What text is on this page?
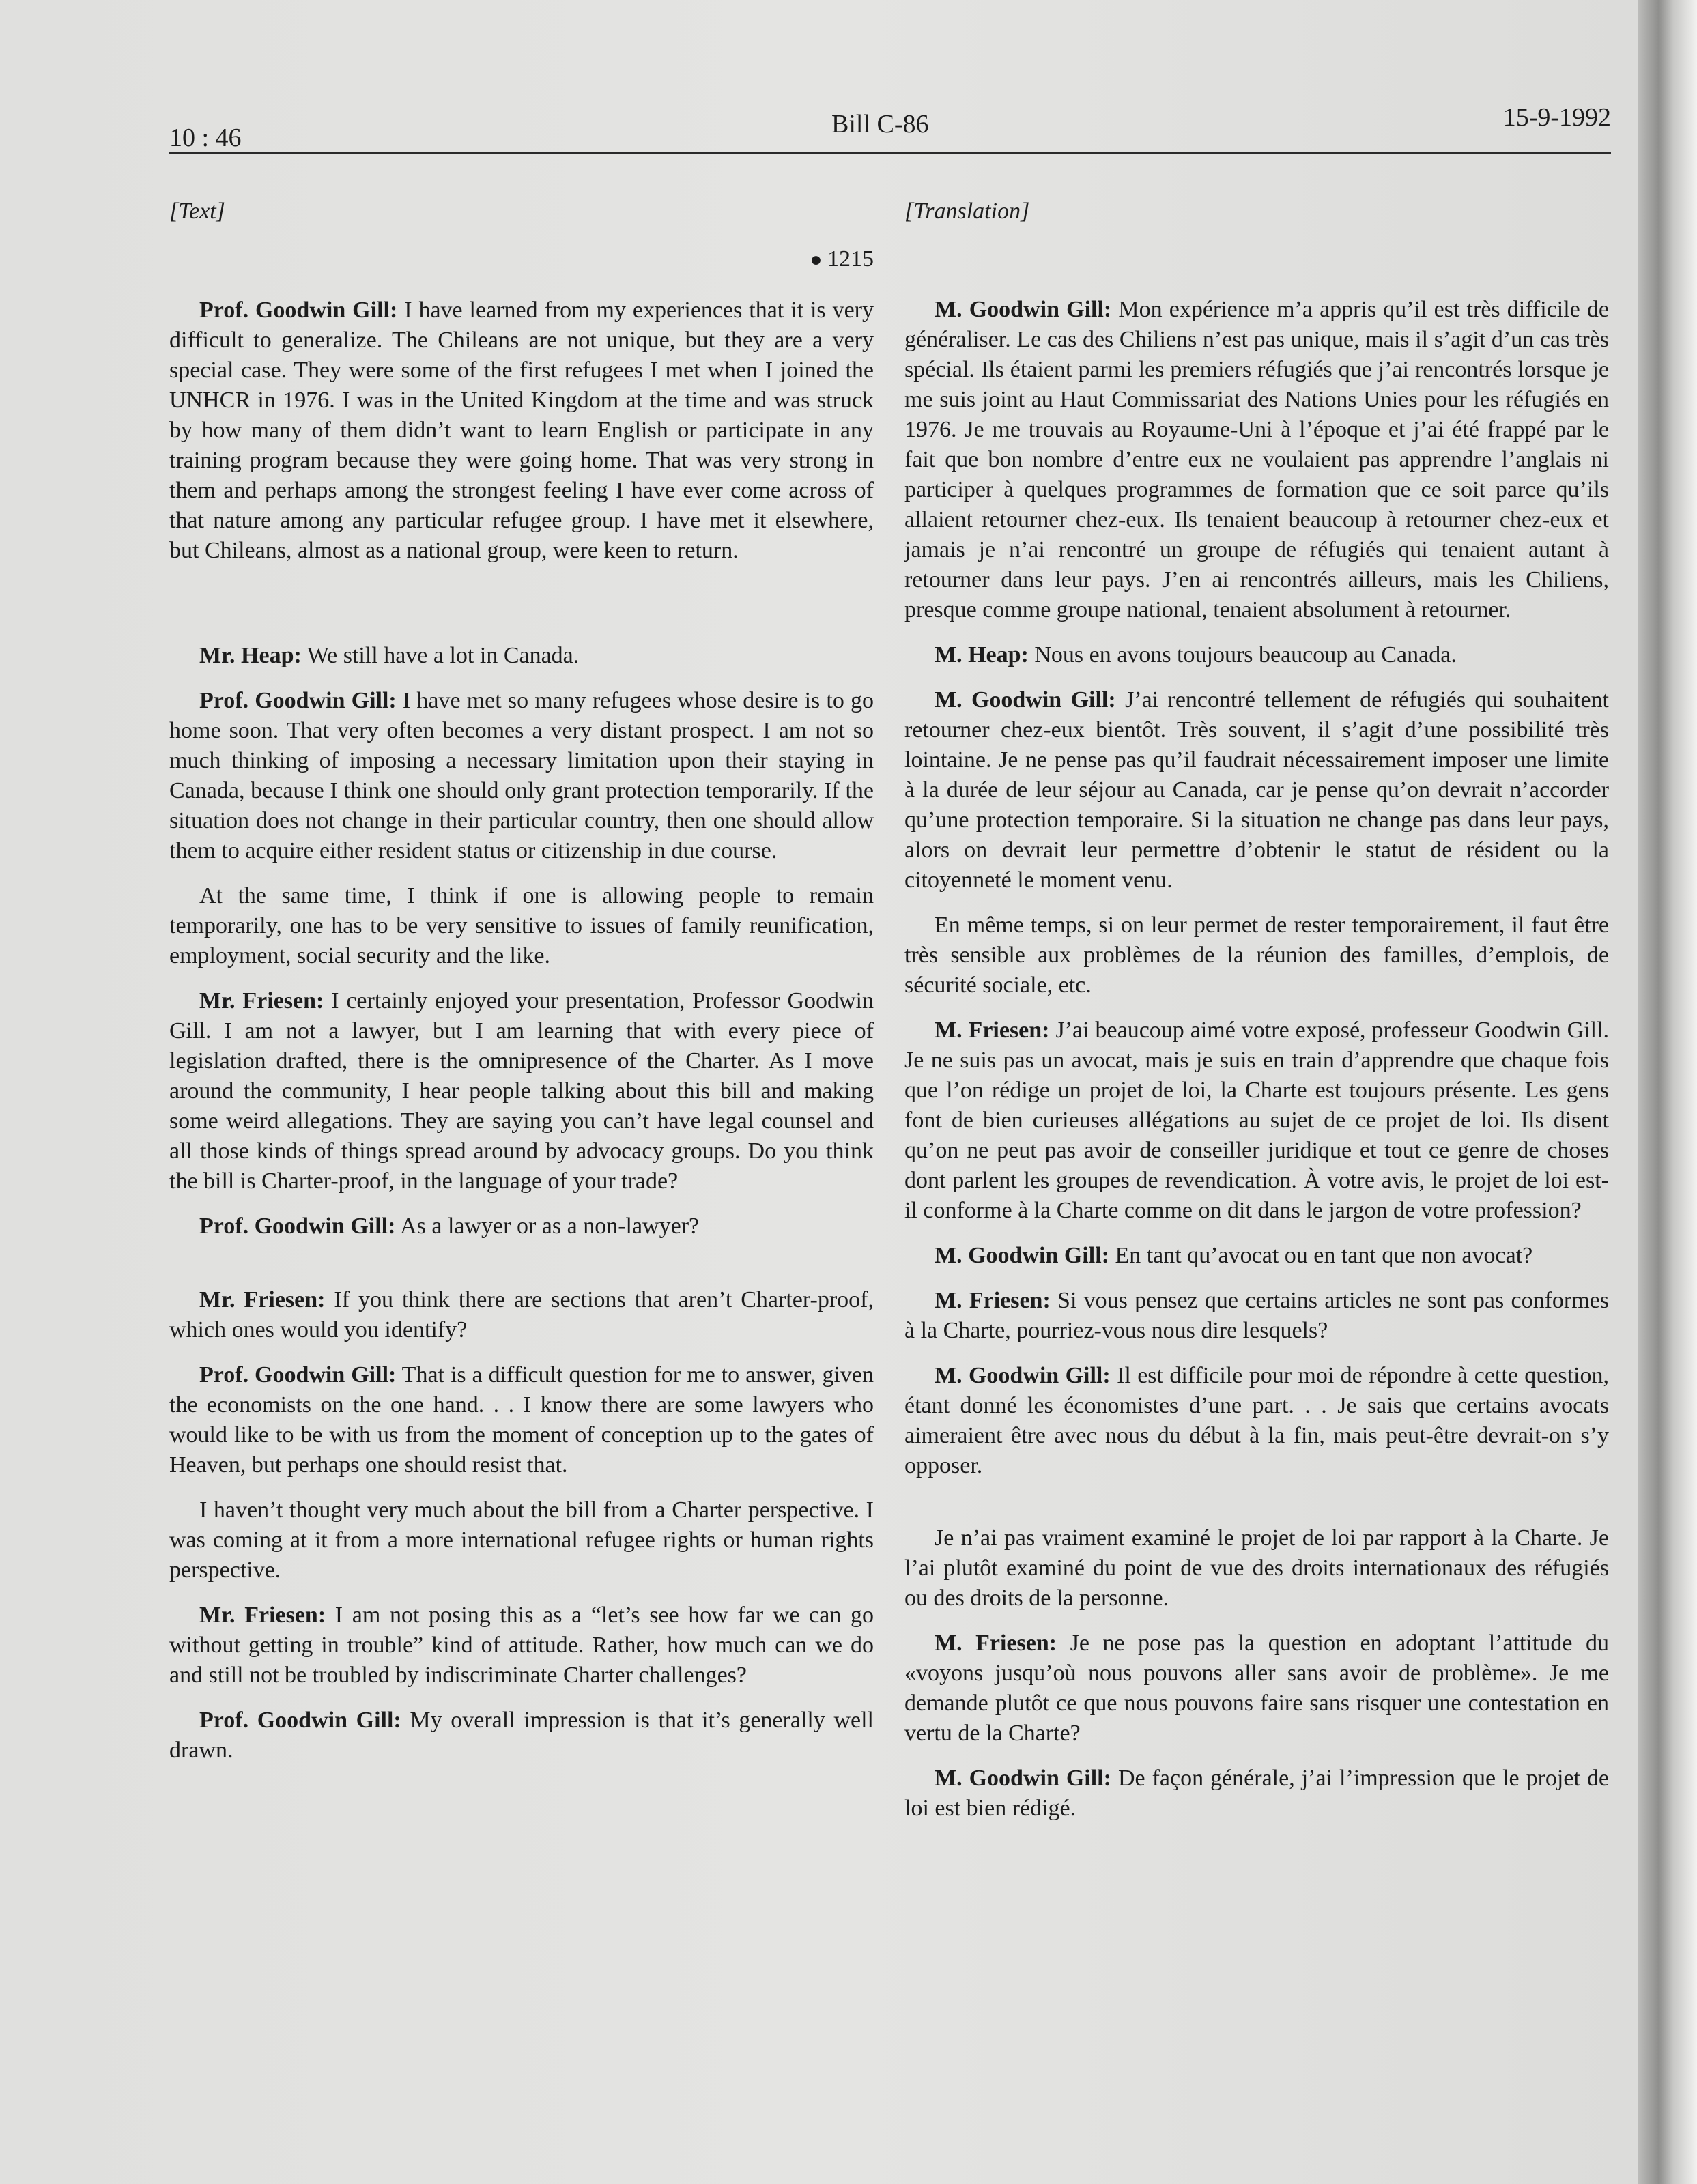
10 : 46	Bill C-86	15-9-1992
[Text]
● 1215

Prof. Goodwin Gill: I have learned from my experiences that it is very difficult to generalize. The Chileans are not unique, but they are a very special case. They were some of the first refugees I met when I joined the UNHCR in 1976. I was in the United Kingdom at the time and was struck by how many of them didn’t want to learn English or participate in any training program because they were going home. That was very strong in them and perhaps among the strongest feeling I have ever come across of that nature among any particular refugee group. I have met it elsewhere, but Chileans, almost as a national group, were keen to return.

Mr. Heap: We still have a lot in Canada.

Prof. Goodwin Gill: I have met so many refugees whose desire is to go home soon. That very often becomes a very distant prospect. I am not so much thinking of imposing a necessary limitation upon their staying in Canada, because I think one should only grant protection temporarily. If the situation does not change in their particular country, then one should allow them to acquire either resident status or citizenship in due course.

At the same time, I think if one is allowing people to remain temporarily, one has to be very sensitive to issues of family reunification, employment, social security and the like.

Mr. Friesen: I certainly enjoyed your presentation, Professor Goodwin Gill. I am not a lawyer, but I am learning that with every piece of legislation drafted, there is the omnipresence of the Charter. As I move around the community, I hear people talking about this bill and making some weird allegations. They are saying you can’t have legal counsel and all those kinds of things spread around by advocacy groups. Do you think the bill is Charter-proof, in the language of your trade?

Prof. Goodwin Gill: As a lawyer or as a non-lawyer?

Mr. Friesen: If you think there are sections that aren’t Charter-proof, which ones would you identify?

Prof. Goodwin Gill: That is a difficult question for me to answer, given the economists on the one hand. . . I know there are some lawyers who would like to be with us from the moment of conception up to the gates of Heaven, but perhaps one should resist that.

I haven’t thought very much about the bill from a Charter perspective. I was coming at it from a more international refugee rights or human rights perspective.

Mr. Friesen: I am not posing this as a “let’s see how far we can go without getting in trouble” kind of attitude. Rather, how much can we do and still not be troubled by indiscriminate Charter challenges?

Prof. Goodwin Gill: My overall impression is that it’s generally well drawn.

[Translation]

M. Goodwin Gill: Mon expérience m’a appris qu’il est très difficile de généraliser. Le cas des Chiliens n’est pas unique, mais il s’agit d’un cas très spécial. Ils étaient parmi les premiers réfugiés que j’ai rencontrés lorsque je me suis joint au Haut Commissariat des Nations Unies pour les réfugiés en 1976. Je me trouvais au Royaume-Uni à l’époque et j’ai été frappé par le fait que bon nombre d’entre eux ne voulaient pas apprendre l’anglais ni participer à quelques programmes de formation que ce soit parce qu’ils allaient retourner chez-eux. Ils tenaient beaucoup à retourner chez-eux et jamais je n’ai rencontré un groupe de réfugiés qui tenaient autant à retourner dans leur pays. J’en ai rencontrés ailleurs, mais les Chiliens, presque comme groupe national, tenaient absolument à retourner.

M. Heap: Nous en avons toujours beaucoup au Canada.

M. Goodwin Gill: J’ai rencontré tellement de réfugiés qui souhaitent retourner chez-eux bientôt. Très souvent, il s’agit d’une possibilité très lointaine. Je ne pense pas qu’il faudrait nécessairement imposer une limite à la durée de leur séjour au Canada, car je pense qu’on devrait n’accorder qu’une protection temporaire. Si la situation ne change pas dans leur pays, alors on devrait leur permettre d’obtenir le statut de résident ou la citoyenneté le moment venu.

En même temps, si on leur permet de rester temporairement, il faut être très sensible aux problèmes de la réunion des familles, d’emplois, de sécurité sociale, etc.

M. Friesen: J’ai beaucoup aimé votre exposé, professeur Goodwin Gill. Je ne suis pas un avocat, mais je suis en train d’apprendre que chaque fois que l’on rédige un projet de loi, la Charte est toujours présente. Les gens font de bien curieuses allégations au sujet de ce projet de loi. Ils disent qu’on ne peut pas avoir de conseiller juridique et tout ce genre de choses dont parlent les groupes de revendication. À votre avis, le projet de loi est-il conforme à la Charte comme on dit dans le jargon de votre profession?

M. Goodwin Gill: En tant qu’avocat ou en tant que non avocat?

M. Friesen: Si vous pensez que certains articles ne sont pas conformes à la Charte, pourriez-vous nous dire lesquels?

M. Goodwin Gill: Il est difficile pour moi de répondre à cette question, étant donné les économistes d’une part. . . Je sais que certains avocats aimeraient être avec nous du début à la fin, mais peut-être devrait-on s’y opposer.

Je n’ai pas vraiment examiné le projet de loi par rapport à la Charte. Je l’ai plutôt examiné du point de vue des droits internationaux des réfugiés ou des droits de la personne.

M. Friesen: Je ne pose pas la question en adoptant l’attitude du «voyons jusqu’où nous pouvons aller sans avoir de problème». Je me demande plutôt ce que nous pouvons faire sans risquer une contestation en vertu de la Charte?

M. Goodwin Gill: De façon générale, j’ai l’impression que le projet de loi est bien rédigé.
